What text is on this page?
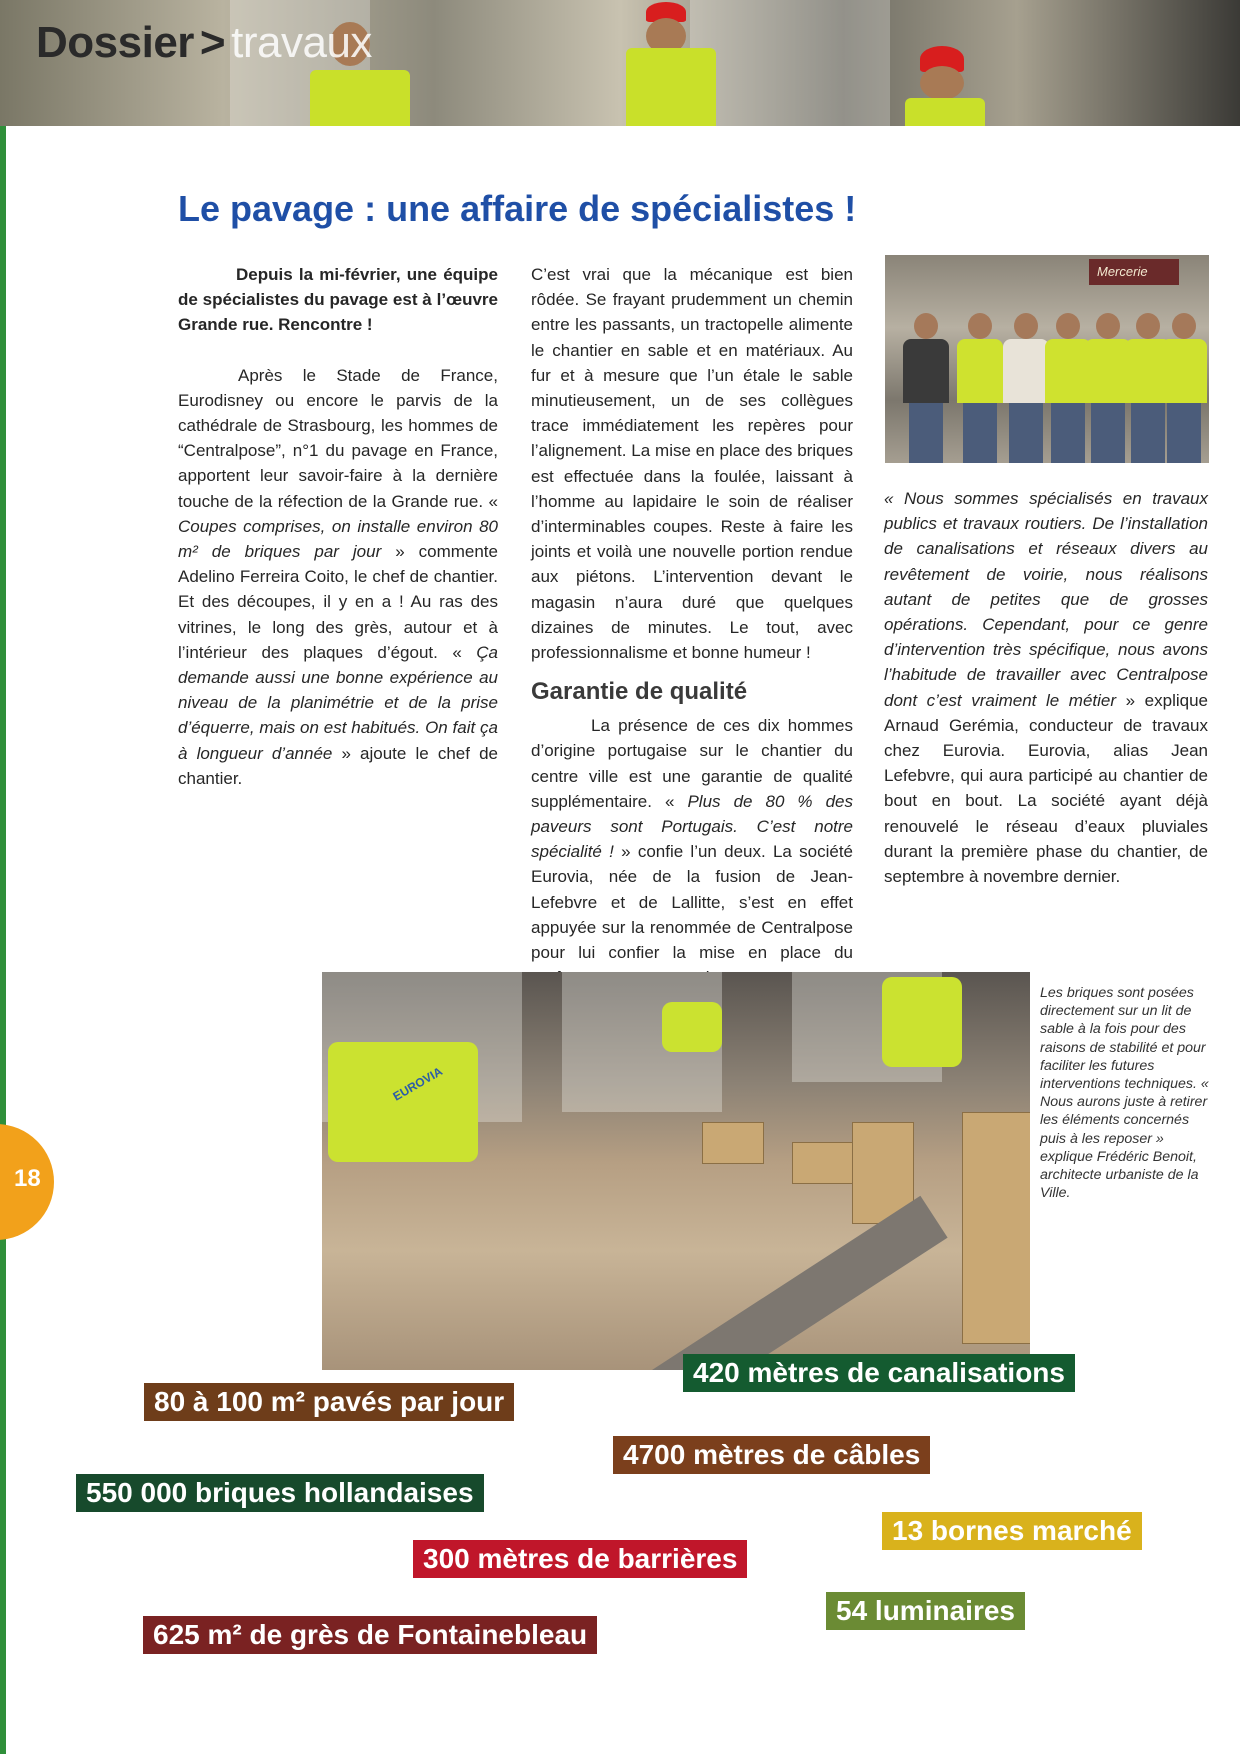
Dossier > travaux
Le pavage : une affaire de spécialistes !

Depuis la mi-février, une équipe de spécialistes du pavage est à l’œuvre Grande rue. Rencontre !

Après le Stade de France, Eurodisney ou encore le parvis de la cathédrale de Strasbourg, les hommes de “Centralpose”, n°1 du pavage en France, apportent leur savoir-faire à la dernière touche de la réfection de la Grande rue. « Coupes comprises, on installe environ 80 m² de briques par jour » commente Adelino Ferreira Coito, le chef de chantier. Et des découpes, il y en a ! Au ras des vitrines, le long des grès, autour et à l’intérieur des plaques d’égout. « Ça demande aussi une bonne expérience au niveau de la planimétrie et de la prise d’équerre, mais on est habitués. On fait ça à longueur d’année » ajoute le chef de chantier.

C’est vrai que la mécanique est bien rôdée. Se frayant prudemment un chemin entre les passants, un tractopelle alimente le chantier en sable et en matériaux. Au fur et à mesure que l’un étale le sable minutieusement, un de ses collègues trace immédiatement les repères pour l’alignement. La mise en place des briques est effectuée dans la foulée, laissant à l’homme au lapidaire le soin de réaliser d’interminables coupes. Reste à faire les joints et voilà une nouvelle portion rendue aux piétons. L’intervention devant le magasin n’aura duré que quelques dizaines de minutes. Le tout, avec professionnalisme et bonne humeur !

Garantie de qualité

La présence de ces dix hommes d’origine portugaise sur le chantier du centre ville est une garantie de qualité supplémentaire. « Plus de 80 % des paveurs sont Portugais. C’est notre spécialité ! » confie l’un deux. La société Eurovia, née de la fusion de Jean-Lefebvre et de Lallitte, s’est en effet appuyée sur la renommée de Centralpose pour lui confier la mise en place du

Mercerie

« Nous sommes spécialisés en travaux publics et travaux routiers. De l’installation de canalisations et réseaux divers au revêtement de voirie, nous réalisons autant de petites que de grosses opérations. Cependant, pour ce genre d’intervention très spécifique, nous avons l’habitude de travailler avec Centralpose dont c’est vraiment le métier » explique Arnaud Gerémia, conducteur de travaux chez Eurovia. Eurovia, alias Jean Lefebvre, qui aura participé au chantier de bout en bout. La société ayant déjà renouvelé le réseau d’eaux pluviales durant la première phase du chantier, de septembre à novembre dernier.

EUROVIA
Les briques sont posées directement sur un lit de sable à la fois pour des raisons de stabilité et pour faciliter les futures interventions techniques. « Nous aurons juste à retirer les éléments concernés puis à les reposer » explique Frédéric Benoit, architecte urbaniste de la Ville.
18
420 mètres de canalisations
80 à 100 m² pavés par jour
4700 mètres de câbles
550 000 briques hollandaises
13 bornes marché
300 mètres de barrières
54 luminaires
625 m² de grès de Fontainebleau
